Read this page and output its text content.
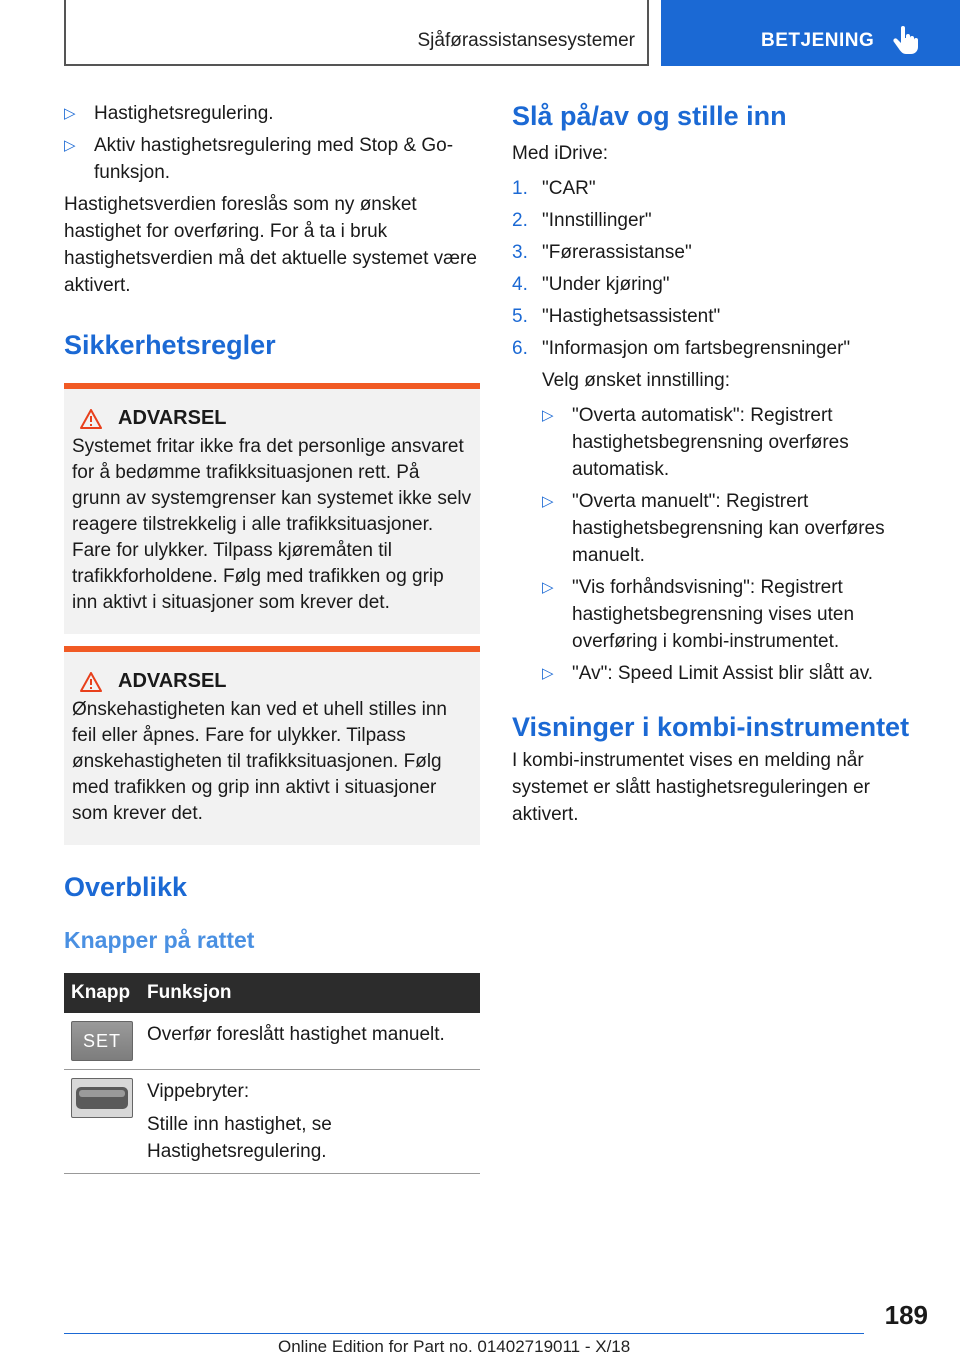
Sjåførassistansesystemer	BETJENING
▷ Hastighetsregulering.
▷ Aktiv hastighetsregulering med Stop & Go-funksjon.

Hastighetsverdien foreslås som ny ønsket hastighet for overføring. For å ta i bruk hastighetsverdien må det aktuelle systemet være aktivert.

Sikkerhetsregler
ADVARSEL

Systemet fritar ikke fra det personlige ansvaret for å bedømme trafikksituasjonen rett. På grunn av systemgrenser kan systemet ikke selv reagere tilstrekkelig i alle trafikksituasjoner. Fare for ulykker. Tilpass kjøremåten til trafikkforholdene. Følg med trafikken og grip inn aktivt i situasjoner som krever det.

ADVARSEL

Ønskehastigheten kan ved et uhell stilles inn feil eller åpnes. Fare for ulykker. Tilpass ønskehastigheten til trafikksituasjonen. Følg med trafikken og grip inn aktivt i situasjoner som krever det.

Overblikk
Knapper på rattet
Knapp	Funksjon

SET	Overfør foreslått hastighet manuelt.

Vippebryter:
Stille inn hastighet, se Hastighetsregulering.
Slå på/av og stille inn

Med iDrive:

1. "CAR"
2. "Innstillinger"
3. "Førerassistanse"
4. "Under kjøring"
5. "Hastighetsassistent"
6. "Informasjon om fartsbegrensninger"

Velg ønsket innstilling:

▷ "Overta automatisk": Registrert hastighetsbegrensning overføres automatisk.
▷ "Overta manuelt": Registrert hastighetsbegrensning kan overføres manuelt.
▷ "Vis forhåndsvisning": Registrert hastighetsbegrensning vises uten overføring i kombi-instrumentet.
▷ "Av": Speed Limit Assist blir slått av.
Visninger i kombi-instrumentet

I kombi-instrumentet vises en melding når systemet er slått hastighetsreguleringen er aktivert.

189
Online Edition for Part no. 01402719011 - X/18
